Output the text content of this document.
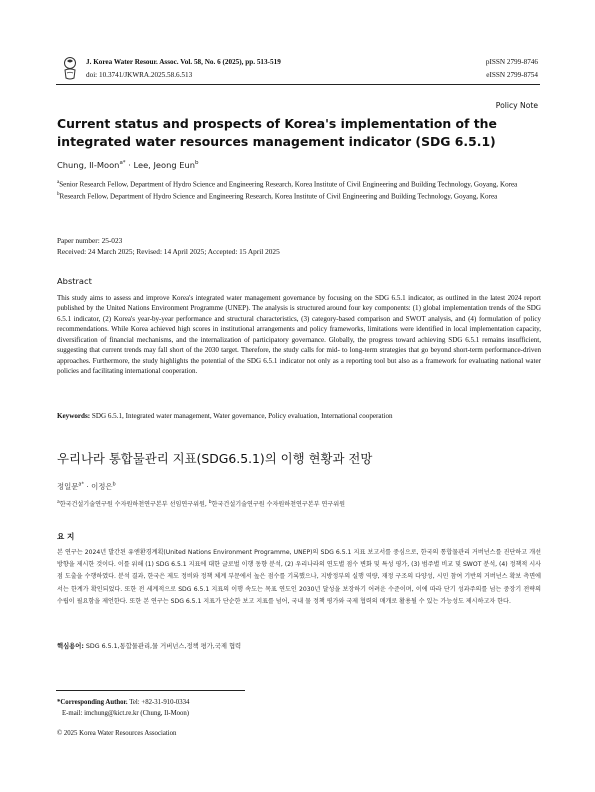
J. Korea Water Resour. Assoc. Vol. 58, No. 6 (2025), pp. 513-519
doi: 10.3741/JKWRA.2025.58.6.513
pISSN 2799-8746
eISSN 2799-8754
Policy Note
Current status and prospects of Korea's implementation of the integrated water resources management indicator (SDG 6.5.1)
Chung, Il-Moon$^{a*}$ · Lee, Jeong Eun$^b$
$^a$Senior Research Fellow, Department of Hydro Science and Engineering Research, Korea Institute of Civil Engineering and Building Technology, Goyang, Korea
$^b$Research Fellow, Department of Hydro Science and Engineering Research, Korea Institute of Civil Engineering and Building Technology, Goyang, Korea
Paper number: 25-023
Received: 24 March 2025; Revised: 14 April 2025; Accepted: 15 April 2025
Abstract
This study aims to assess and improve Korea's integrated water management governance by focusing on the SDG 6.5.1 indicator, as outlined in the latest 2024 report published by the United Nations Environment Programme (UNEP). The analysis is structured around four key components: (1) global implementation trends of the SDG 6.5.1 indicator, (2) Korea's year-by-year performance and structural characteristics, (3) category-based comparison and SWOT analysis, and (4) formulation of policy recommendations. While Korea achieved high scores in institutional arrangements and policy frameworks, limitations were identified in local implementation capacity, diversification of financial mechanisms, and the internalization of participatory governance. Globally, the progress toward achieving SDG 6.5.1 remains insufficient, suggesting that current trends may fall short of the 2030 target. Therefore, the study calls for mid- to long-term strategies that go beyond short-term performance-driven approaches. Furthermore, the study highlights the potential of the SDG 6.5.1 indicator not only as a reporting tool but also as a framework for evaluating national water policies and facilitating international cooperation.
Keywords: SDG 6.5.1, Integrated water management, Water governance, Policy evaluation, International cooperation
우리나라 통합물관리 지표(SDG6.5.1)의 이행 현황과 전망
정일문$^{a*}$ · 이정은$^b$
$^a$한국건설기술연구원 수자원하천연구본부 선임연구위원, $^b$한국건설기술연구원 수자원하천연구본부 연구위원
요 지
본 연구는 2024년 발간된 유엔환경계획(United Nations Environment Programme, UNEP)의 SDG 6.5.1 지표 보고서를 중심으로, 한국의 통합물관리 거버넌스를 진단하고 개선 방향을 제시한 것이다. 이를 위해 (1) SDG 6.5.1 지표에 대한 글로벌 이행 동향 분석, (2) 우리나라의 연도별 점수 변화 및 특성 평가, (3) 범주별 비교 및 SWOT 분석, (4) 정책적 시사점 도출을 수행하였다. 분석 결과, 한국은 제도 정비와 정책 체계 부문에서 높은 점수를 기록했으나, 지방정부의 실행 역량, 재정 구조의 다양성, 시민 참여 기반의 거버넌스 확보 측면에서는 한계가 확인되었다. 또한 전 세계적으로 SDG 6.5.1 지표의 이행 속도는 목표 연도인 2030년 달성을 보장하기 어려운 수준이며, 이에 따라 단기 성과주의를 넘는 중장기 전략의 수립이 필요함을 제언한다. 또한 본 연구는 SDG 6.5.1 지표가 단순한 보고 지표를 넘어, 국내 물 정책 평가와 국제 협력의 매개로 활용될 수 있는 가능성도 제시하고자 한다.
핵심용어: SDG 6.5.1,통합물관리,물 거버넌스,정책 평가,국제 협력
*Corresponding Author. Tel: +82-31-910-0334
E-mail: imchung@kict.re.kr (Chung, Il-Moon)
© 2025 Korea Water Resources Association
